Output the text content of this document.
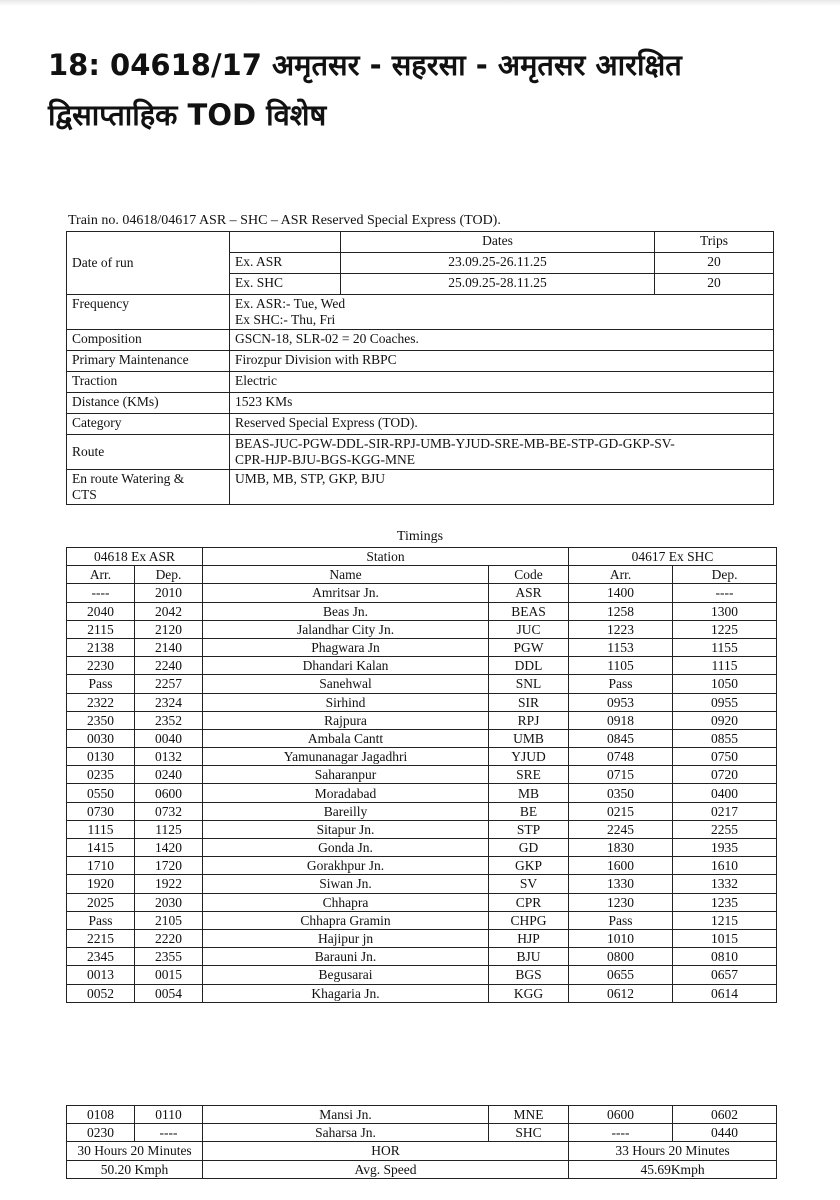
18: 04618/17 अमृतसर - सहरसा - अमृतसर आरक्षित
द्विसाप्ताहिक TOD विशेष
Train no. 04618/04617 ASR – SHC – ASR Reserved Special Express (TOD).
Date of run		Dates	Trips
	Ex. ASR	23.09.25-26.11.25	20
	Ex. SHC	25.09.25-28.11.25	20
Frequency	Ex. ASR:- Tue, Wed
Ex SHC:- Thu, Fri		

Composition	GSCN-18, SLR-02 = 20 Coaches.		
Primary Maintenance	Firozpur Division with RBPC		
Traction	Electric		
Distance (KMs)	1523 KMs		
Category	Reserved Special Express (TOD).		
Route	BEAS-JUC-PGW-DDL-SIR-RPJ-UMB-YJUD-SRE-MB-BE-STP-GD-GKP-SV-
CPR-HJP-BJU-BGS-KGG-MNE		

En route Watering &
CTS	UMB, MB, STP, GKP, BJU		
Timings
04618 Ex ASR		Station		04617 Ex SHC	
Arr.	Dep.	Name	Code	Arr.	Dep.
----	2010	Amritsar Jn.	ASR	1400	----
2040	2042	Beas Jn.	BEAS	1258	1300
2115	2120	Jalandhar City Jn.	JUC	1223	1225
2138	2140	Phagwara Jn	PGW	1153	1155
2230	2240	Dhandari Kalan	DDL	1105	1115
Pass	2257	Sanehwal	SNL	Pass	1050
2322	2324	Sirhind	SIR	0953	0955
2350	2352	Rajpura	RPJ	0918	0920
0030	0040	Ambala Cantt	UMB	0845	0855
0130	0132	Yamunanagar Jagadhri	YJUD	0748	0750
0235	0240	Saharanpur	SRE	0715	0720
0550	0600	Moradabad	MB	0350	0400
0730	0732	Bareilly	BE	0215	0217
1115	1125	Sitapur Jn.	STP	2245	2255
1415	1420	Gonda Jn.	GD	1830	1935
1710	1720	Gorakhpur Jn.	GKP	1600	1610
1920	1922	Siwan Jn.	SV	1330	1332
2025	2030	Chhapra	CPR	1230	1235
Pass	2105	Chhapra Gramin	CHPG	Pass	1215
2215	2220	Hajipur jn	HJP	1010	1015
2345	2355	Barauni Jn.	BJU	0800	0810
0013	0015	Begusarai	BGS	0655	0657
0052	0054	Khagaria Jn.	KGG	0612	0614
0108	0110	Mansi Jn.	MNE	0600	0602
0230	----	Saharsa Jn.	SHC	----	0440
30 Hours 20 Minutes		HOR		33 Hours 20 Minutes	
50.20 Kmph		Avg. Speed		45.69Kmph	
